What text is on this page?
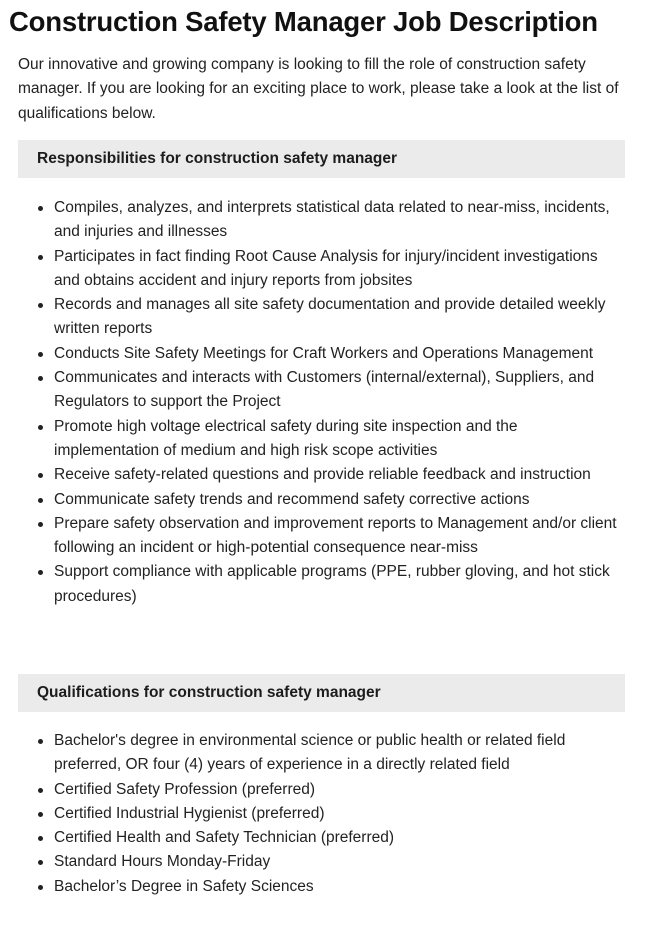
Construction Safety Manager Job Description

Our innovative and growing company is looking to fill the role of construction safety manager. If you are looking for an exciting place to work, please take a look at the list of qualifications below.

Responsibilities for construction safety manager
Compiles, analyzes, and interprets statistical data related to near-miss, incidents, and injuries and illnesses
Participates in fact finding Root Cause Analysis for injury/incident investigations and obtains accident and injury reports from jobsites
Records and manages all site safety documentation and provide detailed weekly written reports
Conducts Site Safety Meetings for Craft Workers and Operations Management
Communicates and interacts with Customers (internal/external), Suppliers, and Regulators to support the Project
Promote high voltage electrical safety during site inspection and the implementation of medium and high risk scope activities
Receive safety-related questions and provide reliable feedback and instruction
Communicate safety trends and recommend safety corrective actions
Prepare safety observation and improvement reports to Management and/or client following an incident or high-potential consequence near-miss
Support compliance with applicable programs (PPE, rubber gloving, and hot stick procedures)
Qualifications for construction safety manager
Bachelor's degree in environmental science or public health or related field preferred, OR four (4) years of experience in a directly related field
Certified Safety Profession (preferred)
Certified Industrial Hygienist (preferred)
Certified Health and Safety Technician (preferred)
Standard Hours Monday-Friday
Bachelor’s Degree in Safety Sciences
